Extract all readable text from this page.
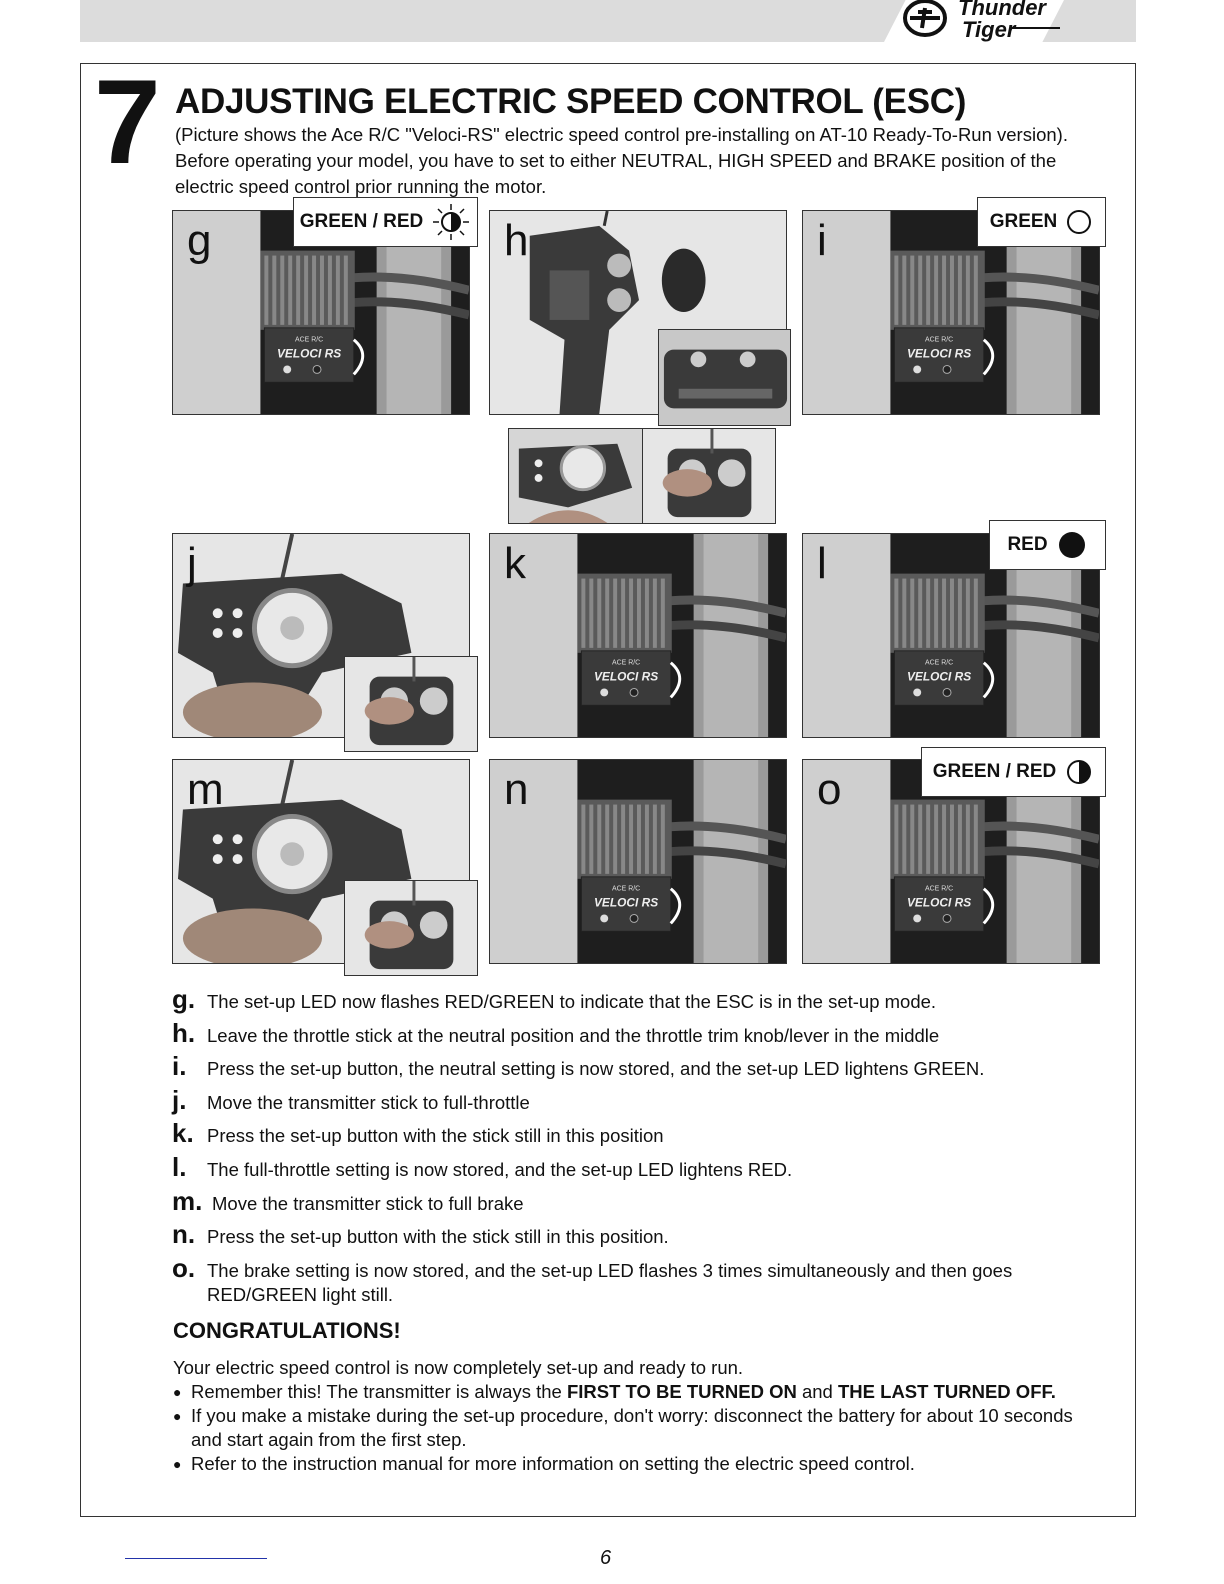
Thunder
Tiger
7 ADJUSTING ELECTRIC SPEED CONTROL (ESC)
(Picture shows the Ace R/C "Veloci-RS" electric speed control pre-installing on AT-10 Ready-To-Run version). Before operating your model, you have to set to either NEUTRAL, HIGH SPEED and BRAKE position of the electric speed control prior running the motor.
ACE R/C
VELOCI RS
g	GREEN / RED h
ACE R/C
VELOCI RS
i	GREEN
j
ACE R/C
VELOCI RS
k
ACE R/C
VELOCI RS
l	RED
m
ACE R/C
VELOCI RS
n
ACE R/C
VELOCI RS
o	GREEN / RED
g. The set-up LED now flashes RED/GREEN to indicate that the ESC is in the set-up mode.
h. Leave the throttle stick at the neutral position and the throttle trim knob/lever in the middle
i. Press the set-up button, the neutral setting is now stored, and the set-up LED lightens GREEN.
j. Move the transmitter stick to full-throttle
k. Press the set-up button with the stick still in this position
l. The full-throttle setting is now stored, and the set-up LED lightens RED.
m. Move the transmitter stick to full brake
n. Press the set-up button with the stick still in this position.
o. The brake setting is now stored, and the set-up LED flashes 3 times simultaneously and then goes RED/GREEN light still.
CONGRATULATIONS!
Your electric speed control is now completely set-up and ready to run.
● Remember this! The transmitter is always the FIRST TO BE TURNED ON and THE LAST TURNED OFF.
● If you make a mistake during the set-up procedure, don't worry: disconnect the battery for about 10 seconds and start again from the first step.
● Refer to the instruction manual for more information on setting the electric speed control.
6
